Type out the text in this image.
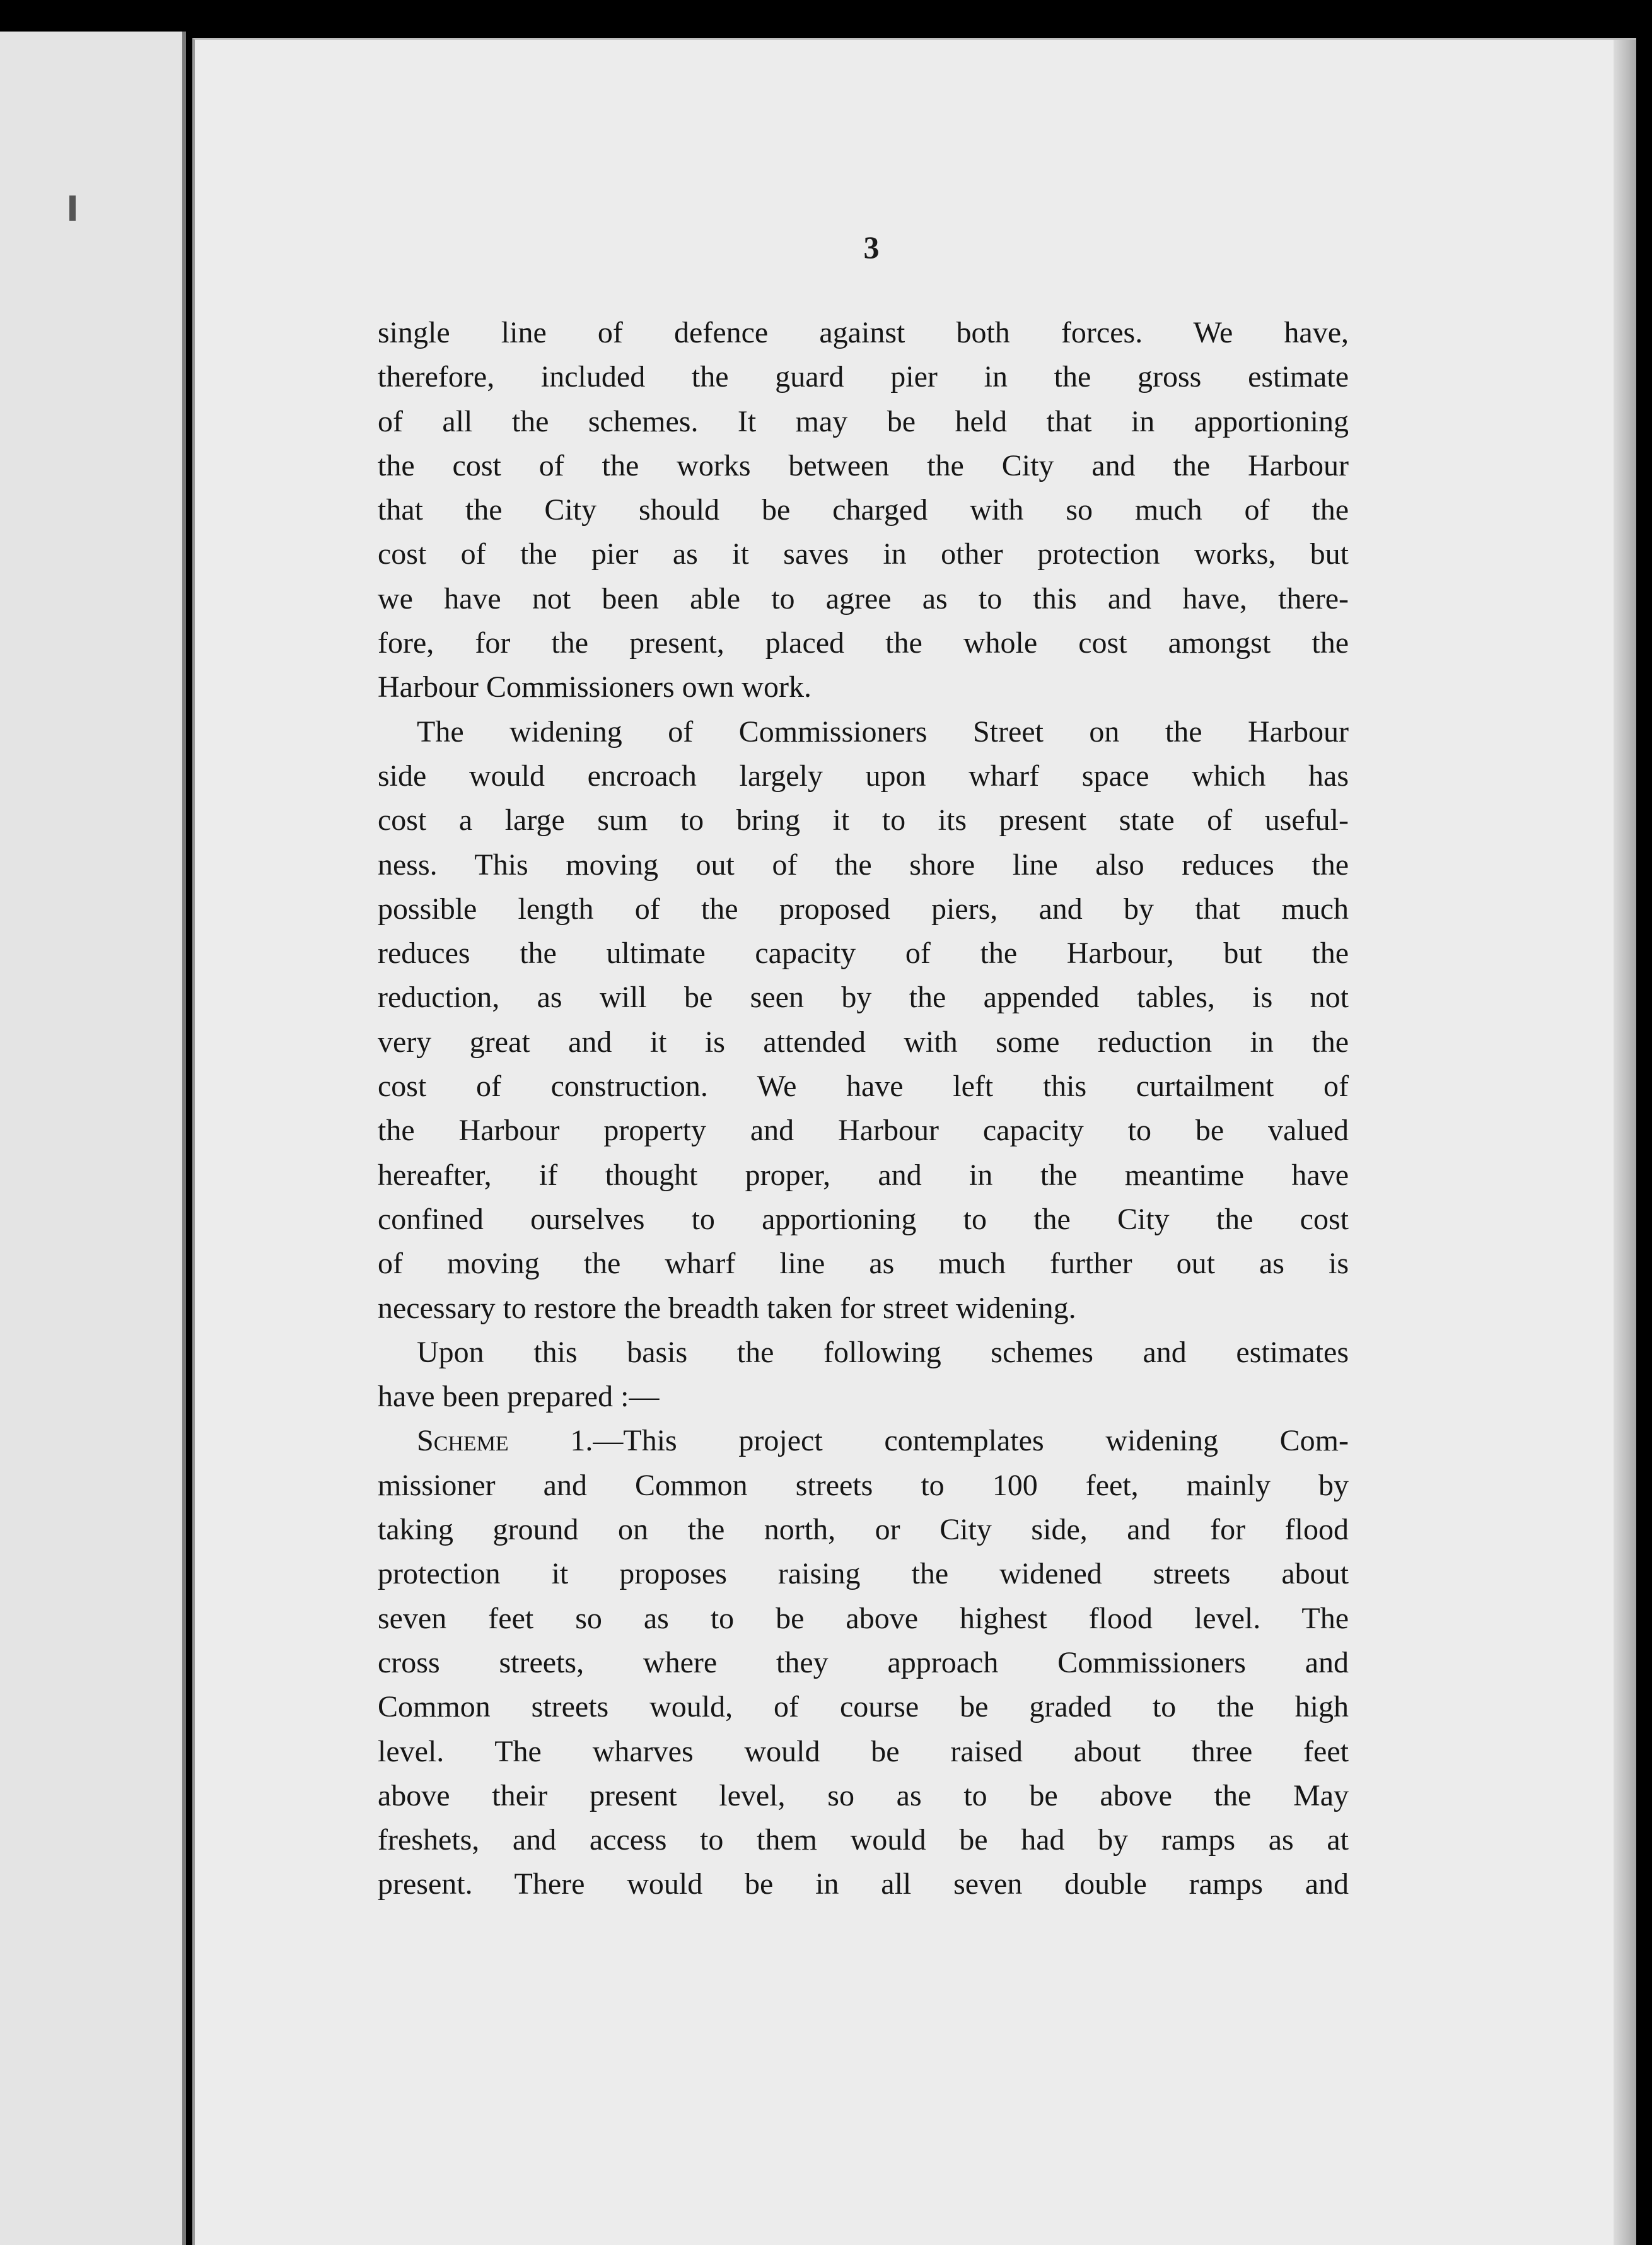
3
single line of defence against both forces. We have,
therefore, included the guard pier in the gross estimate
of all the schemes. It may be held that in apportioning
the cost of the works between the City and the Harbour
that the City should be charged with so much of the
cost of the pier as it saves in other protection works, but
we have not been able to agree as to this and have, there-
fore, for the present, placed the whole cost amongst the
Harbour Commissioners own work.
The widening of Commissioners Street on the Harbour
side would encroach largely upon wharf space which has
cost a large sum to bring it to its present state of useful-
ness. This moving out of the shore line also reduces the
possible length of the proposed piers, and by that much
reduces the ultimate capacity of the Harbour, but the
reduction, as will be seen by the appended tables, is not
very great and it is attended with some reduction in the
cost of construction. We have left this curtailment of
the Harbour property and Harbour capacity to be valued
hereafter, if thought proper, and in the meantime have
confined ourselves to apportioning to the City the cost
of moving the wharf line as much further out as is
necessary to restore the breadth taken for street widening.
Upon this basis the following schemes and estimates
have been prepared :—
Scheme 1.—This project contemplates widening Com-
missioner and Common streets to 100 feet, mainly by
taking ground on the north, or City side, and for flood
protection it proposes raising the widened streets about
seven feet so as to be above highest flood level. The
cross streets, where they approach Commissioners and
Common streets would, of course be graded to the high
level. The wharves would be raised about three feet
above their present level, so as to be above the May
freshets, and access to them would be had by ramps as at
present. There would be in all seven double ramps and
